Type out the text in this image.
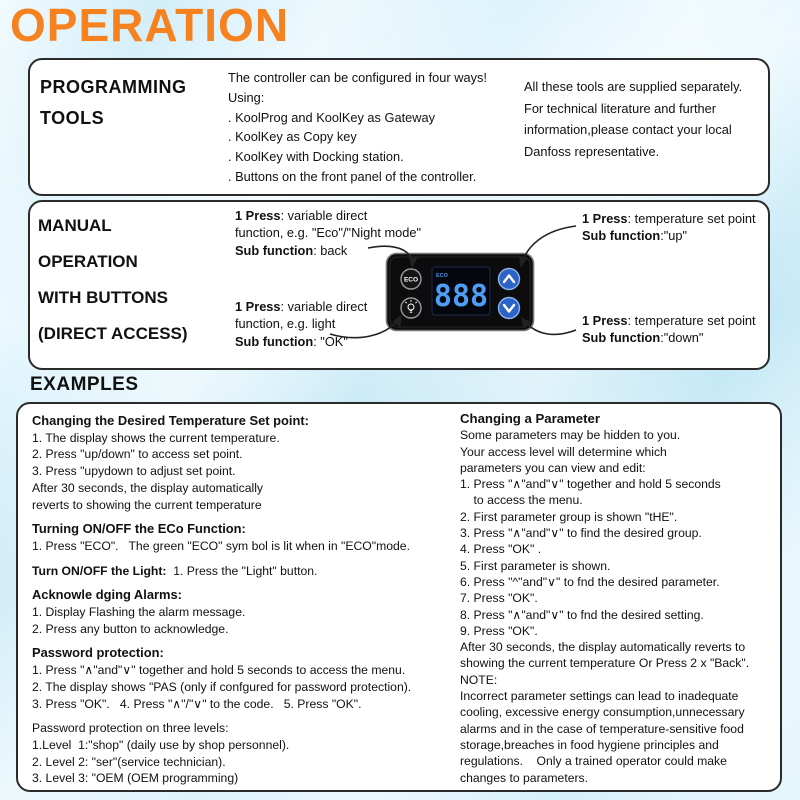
OPERATION
PROGRAMMING
TOOLS
The controller can be configured in four ways!
Using:
. KoolProg and KoolKey as Gateway
. KoolKey as Copy key
. KoolKey with Docking station.
. Buttons on the front panel of the controller.
All these tools are supplied separately.
For technical literature and further
information,please contact your local
Danfoss representative.
MANUAL
OPERATION
WITH BUTTONS
(DIRECT ACCESS)
1 Press: variable direct
function, e.g. "Eco"/"Night mode"
Sub function: back
1 Press: variable direct
function, e.g. light
Sub function: "OK"
1 Press: temperature set point
Sub function:"up"
1 Press: temperature set point
Sub function:"down"
ECO
888
ECO
EXAMPLES
Changing the Desired Temperature Set point:
1. The display shows the current temperature.
2. Press "up/down" to access set point.
3. Press "upydown to adjust set point.
After 30 seconds, the display automatically
reverts to showing the current temperature
Turning ON/OFF the ECo Function:
1. Press "ECO".   The green "ECO" sym bol is lit when in "ECO"mode.
Turn ON/OFF the Light:  1. Press the "Light" button.
Acknowle dging Alarms:
1. Display Flashing the alarm message.
2. Press any button to acknowledge.
Password protection:
1. Press "∧"and"∨" together and hold 5 seconds to access the menu.
2. The display shows "PAS (only if confgured for password protection).
3. Press "OK".   4. Press "∧"/"∨" to the code.   5. Press "OK".
Password protection on three levels:
1.Level  1:"shop" (daily use by shop personnel).
2. Level 2: "ser"(service technician).
3. Level 3: "OEM (OEM programming)
Changing a Parameter
Some parameters may be hidden to you.
Your access level will determine which
parameters you can view and edit:
1. Press "∧"and"∨" together and hold 5 seconds
to access the menu.
2. First parameter group is shown "tHE".
3. Press "∧"and"∨" to find the desired group.
4. Press "OK" .
5. First parameter is shown.
6. Press "^"and"∨" to fnd the desired parameter.
7. Press "OK".
8. Press "∧"and"∨" to fnd the desired setting.
9. Press "OK".
After 30 seconds, the display automatically reverts to
showing the current temperature Or Press 2 x "Back".
NOTE:
Incorrect parameter settings can lead to inadequate
cooling, excessive energy consumption,unnecessary
alarms and in the case of temperature-sensitive food
storage,breaches in food hygiene principles and
regulations.    Only a trained operator could make
changes to parameters.
